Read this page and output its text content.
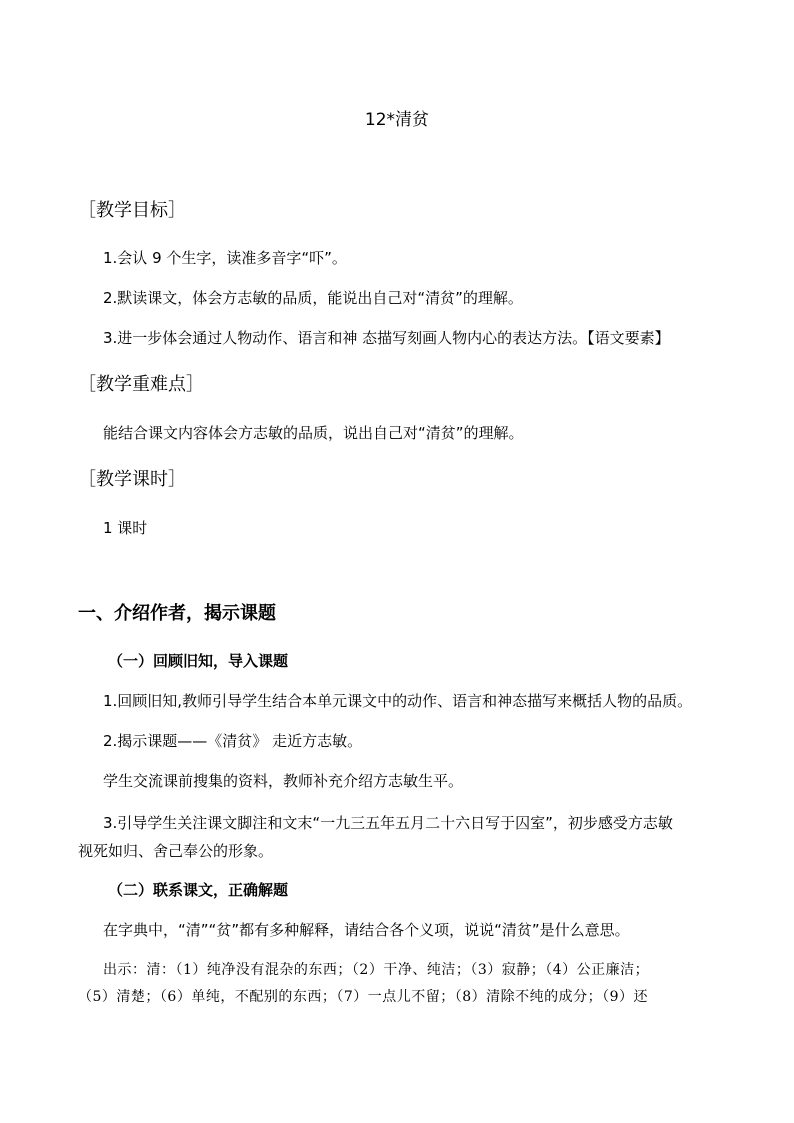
12*清贫
［教学目标］
1.会认 9 个生字，读准多音字“吓”。
2.默读课文，体会方志敏的品质，能说出自己对“清贫”的理解。
3.进一步体会通过人物动作、语言和神 态描写刻画人物内心的表达方法。【语文要素】
［教学重难点］
能结合课文内容体会方志敏的品质，说出自己对“清贫”的理解。
［教学课时］
1 课时
一、介绍作者，揭示课题
（一）回顾旧知，导入课题
1.回顾旧知,教师引导学生结合本单元课文中的动作、语言和神态描写来概括人物的品质。
2.揭示课题——《清贫》 走近方志敏。
学生交流课前搜集的资料，教师补充介绍方志敏生平。
3.引导学生关注课文脚注和文末“一九三五年五月二十六日写于囚室”，初步感受方志敏
视死如归、舍己奉公的形象。
（二）联系课文，正确解题
在字典中，“清”“贫”都有多种解释，请结合各个义项，说说“清贫”是什么意思。
出示：清：（1）纯净没有混杂的东西；（2）干净、纯洁；（3）寂静；（4）公正廉洁；
（5）清楚；（6）单纯，不配别的东西；（7）一点儿不留；（8）清除不纯的成分；（9）还
